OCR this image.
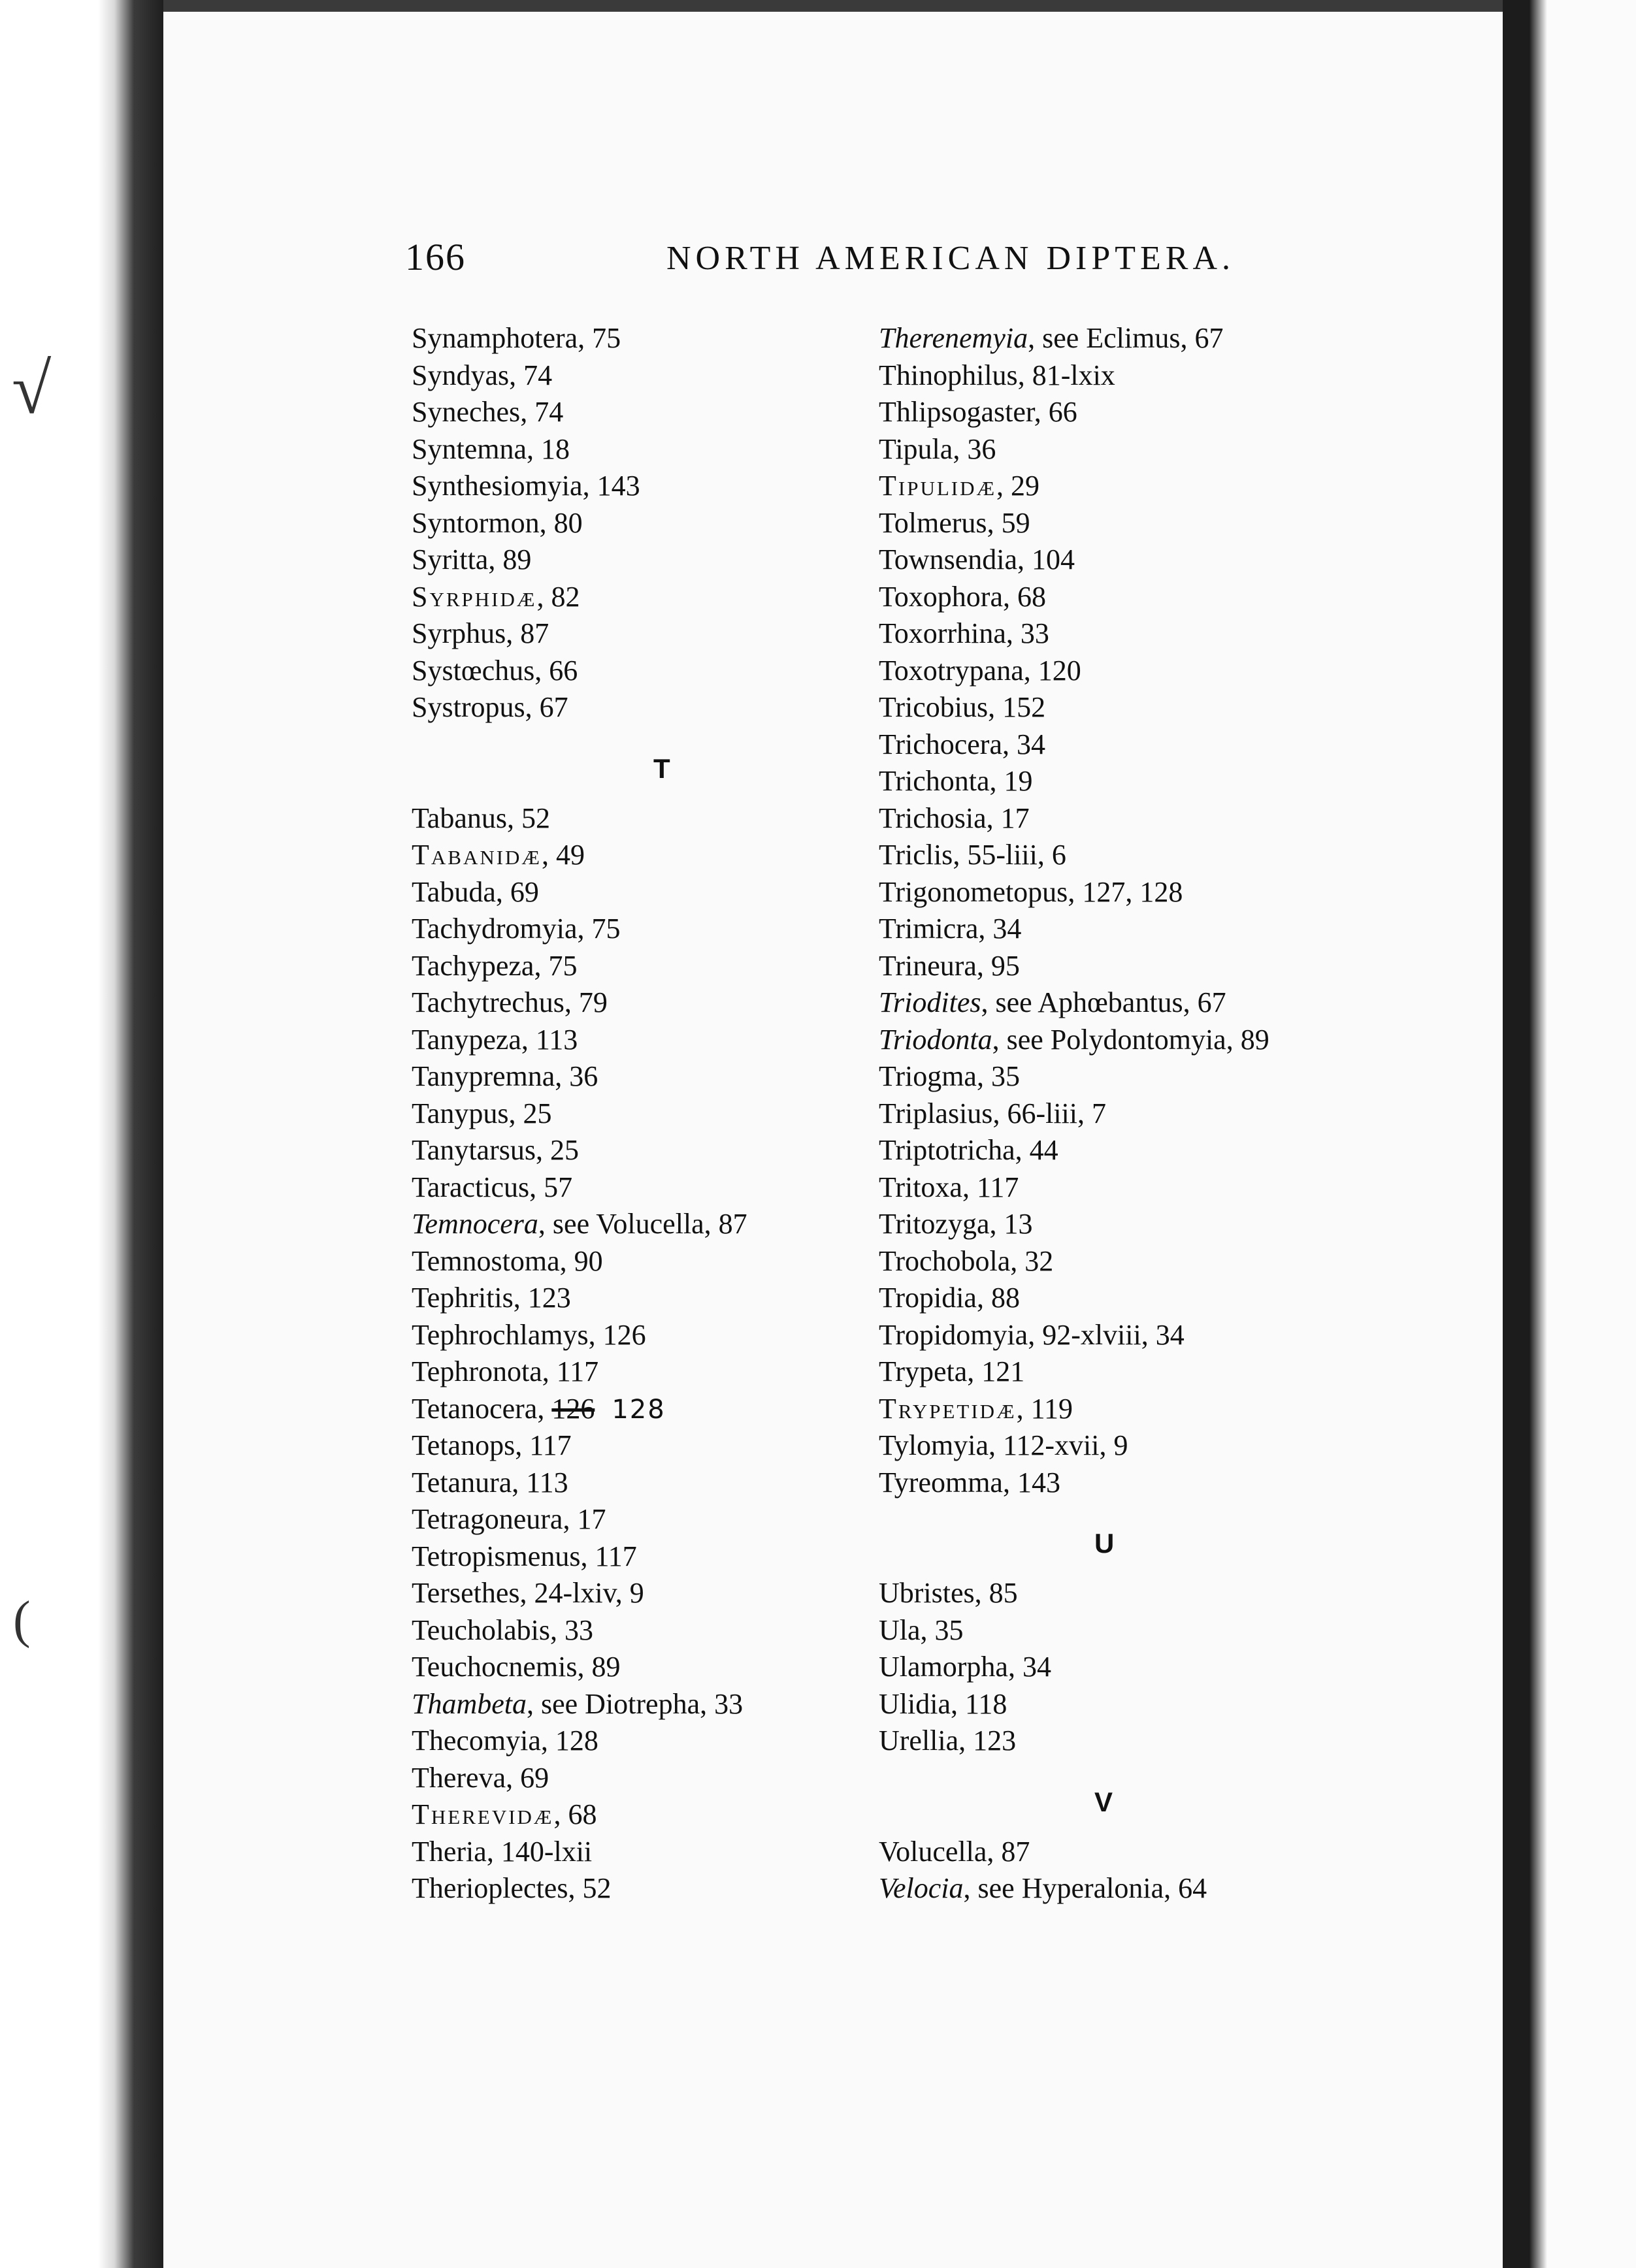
√
(
166	NORTH AMERICAN DIPTERA.
Synamphotera, 75
Syndyas, 74
Syneches, 74
Syntemna, 18
Synthesiomyia, 143
Syntormon, 80
Syritta, 89
Syrphidæ, 82
Syrphus, 87
Systœchus, 66
Systropus, 67
T
Tabanus, 52
Tabanidæ, 49
Tabuda, 69
Tachydromyia, 75
Tachypeza, 75
Tachytrechus, 79
Tanypeza, 113
Tanypremna, 36
Tanypus, 25
Tanytarsus, 25
Taracticus, 57
Temnocera, see Volucella, 87
Temnostoma, 90
Tephritis, 123
Tephrochlamys, 126
Tephronota, 117
Tetanocera, 126 128
Tetanops, 117
Tetanura, 113
Tetragoneura, 17
Tetropismenus, 117
Tersethes, 24-lxiv, 9
Teucholabis, 33
Teuchocnemis, 89
Thambeta, see Diotrepha, 33
Thecomyia, 128
Thereva, 69
Therevidæ, 68
Theria, 140-lxii
Therioplectes, 52
Therenemyia, see Eclimus, 67
Thinophilus, 81-lxix
Thlipsogaster, 66
Tipula, 36
Tipulidæ, 29
Tolmerus, 59
Townsendia, 104
Toxophora, 68
Toxorrhina, 33
Toxotrypana, 120
Tricobius, 152
Trichocera, 34
Trichonta, 19
Trichosia, 17
Triclis, 55-liii, 6
Trigonometopus, 127, 128
Trimicra, 34
Trineura, 95
Triodites, see Aphœbantus, 67
Triodonta, see Polydontomyia, 89
Triogma, 35
Triplasius, 66-liii, 7
Triptotricha, 44
Tritoxa, 117
Tritozyga, 13
Trochobola, 32
Tropidia, 88
Tropidomyia, 92-xlviii, 34
Trypeta, 121
Trypetidæ, 119
Tylomyia, 112-xvii, 9
Tyreomma, 143
U
Ubristes, 85
Ula, 35
Ulamorpha, 34
Ulidia, 118
Urellia, 123
V
Volucella, 87
Velocia, see Hyperalonia, 64
